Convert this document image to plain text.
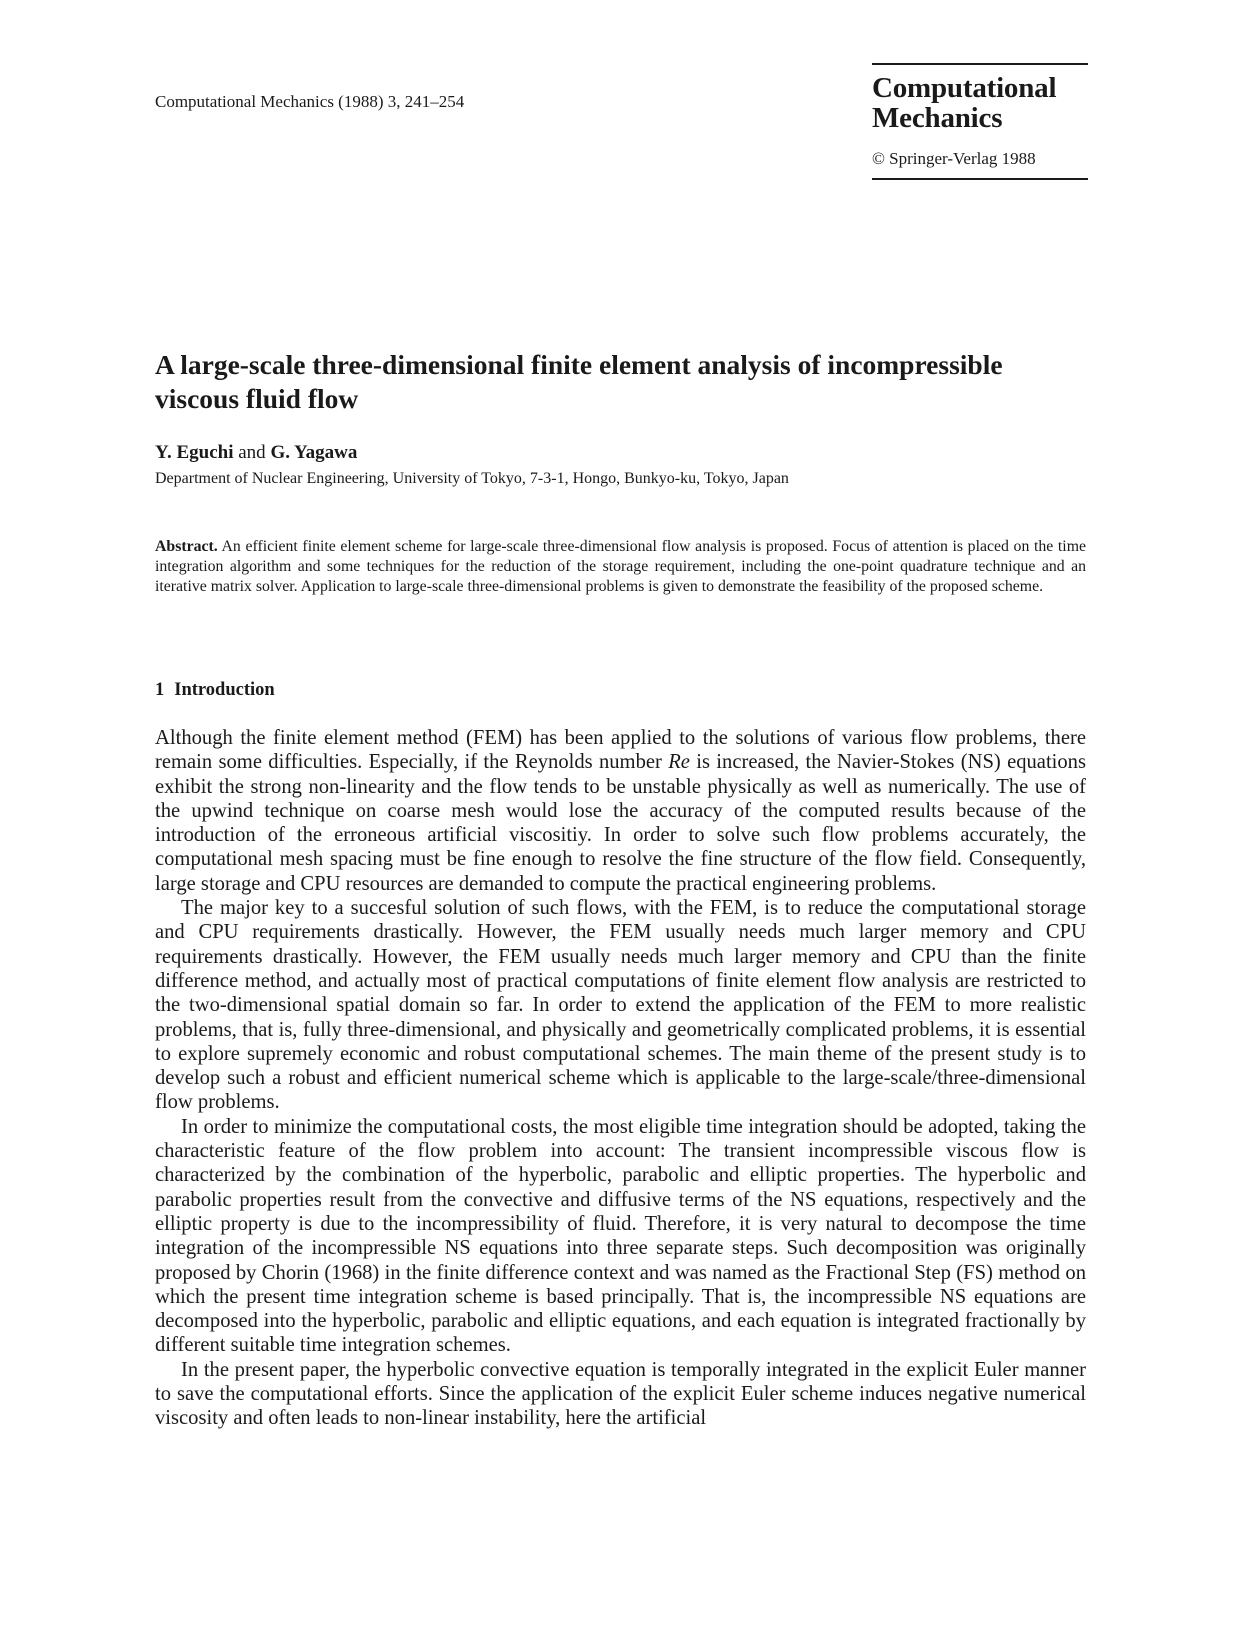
Computational Mechanics (1988) 3, 241–254	Computational
Mechanics
© Springer-Verlag 1988
A large-scale three-dimensional finite element analysis of incompressible viscous fluid flow
Y. Eguchi and G. Yagawa
Department of Nuclear Engineering, University of Tokyo, 7-3-1, Hongo, Bunkyo-ku, Tokyo, Japan

Abstract. An efficient finite element scheme for large-scale three-dimensional flow analysis is proposed. Focus of attention is placed on the time integration algorithm and some techniques for the reduction of the storage requirement, including the one-point quadrature technique and an iterative matrix solver. Application to large-scale three-dimensional problems is given to demonstrate the feasibility of the proposed scheme.

1 Introduction

Although the finite element method (FEM) has been applied to the solutions of various flow problems, there remain some difficulties. Especially, if the Reynolds number Re is increased, the Navier-Stokes (NS) equations exhibit the strong non-linearity and the flow tends to be unstable physically as well as numerically. The use of the upwind technique on coarse mesh would lose the accuracy of the computed results because of the introduction of the erroneous artificial viscositiy. In order to solve such flow problems accurately, the computational mesh spacing must be fine enough to resolve the fine structure of the flow field. Consequently, large storage and CPU resources are demanded to compute the practical engineering problems.

The major key to a succesful solution of such flows, with the FEM, is to reduce the computational storage and CPU requirements drastically. However, the FEM usually needs much larger memory and CPU requirements drastically. However, the FEM usually needs much larger memory and CPU than the finite difference method, and actually most of practical computations of finite element flow analysis are restricted to the two-dimensional spatial domain so far. In order to extend the application of the FEM to more realistic problems, that is, fully three-dimensional, and physically and geometrically complicated problems, it is essential to explore supremely economic and robust computational schemes. The main theme of the present study is to develop such a robust and efficient numerical scheme which is applicable to the large-scale/three-dimensional flow problems.

In order to minimize the computational costs, the most eligible time integration should be adopted, taking the characteristic feature of the flow problem into account: The transient incompressible viscous flow is characterized by the combination of the hyperbolic, parabolic and elliptic properties. The hyperbolic and parabolic properties result from the convective and diffusive terms of the NS equations, respectively and the elliptic property is due to the incompressibility of fluid. Therefore, it is very natural to decompose the time integration of the incompressible NS equations into three separate steps. Such decomposition was originally proposed by Chorin (1968) in the finite difference context and was named as the Fractional Step (FS) method on which the present time integration scheme is based principally. That is, the incompressible NS equations are decomposed into the hyperbolic, parabolic and elliptic equations, and each equation is integrated fractionally by different suitable time integration schemes.

In the present paper, the hyperbolic convective equation is temporally integrated in the explicit Euler manner to save the computational efforts. Since the application of the explicit Euler scheme induces negative numerical viscosity and often leads to non-linear instability, here the artificial
